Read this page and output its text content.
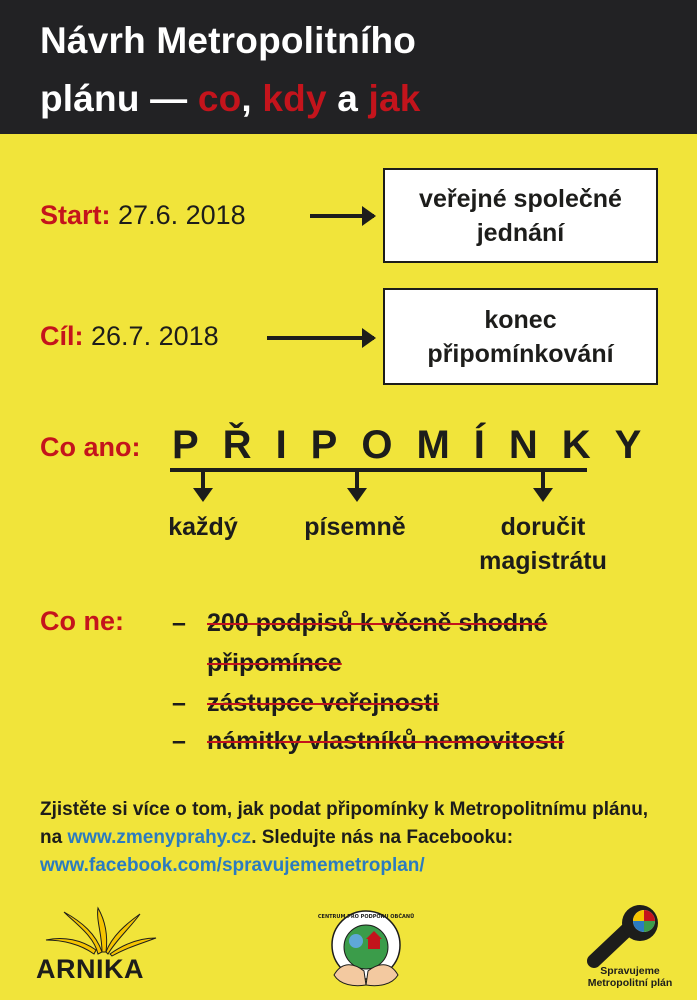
Návrh Metropolitního
plánu — co, kdy a jak
Start: 27.6. 2018
veřejné společné
jednání
Cíl: 26.7. 2018
konec
připomínkování
Co ano: PŘIPOMÍNKY
každý	písemně	doručit
magistrátu
Co ne: – 200 podpisů k věcně shodné
připomínce
– zástupce veřejnosti
– námitky vlastníků nemovitostí
Zjistěte si více o tom, jak podat připomínky k Metropolitnímu plánu, na www.zmenyprahy.cz. Sledujte nás na Facebooku:
www.facebook.com/spravujememetroplan/
ARNIKA
CENTRUM PRO PODPORU OBČANŮ
Spravujeme
Metropolitní plán
